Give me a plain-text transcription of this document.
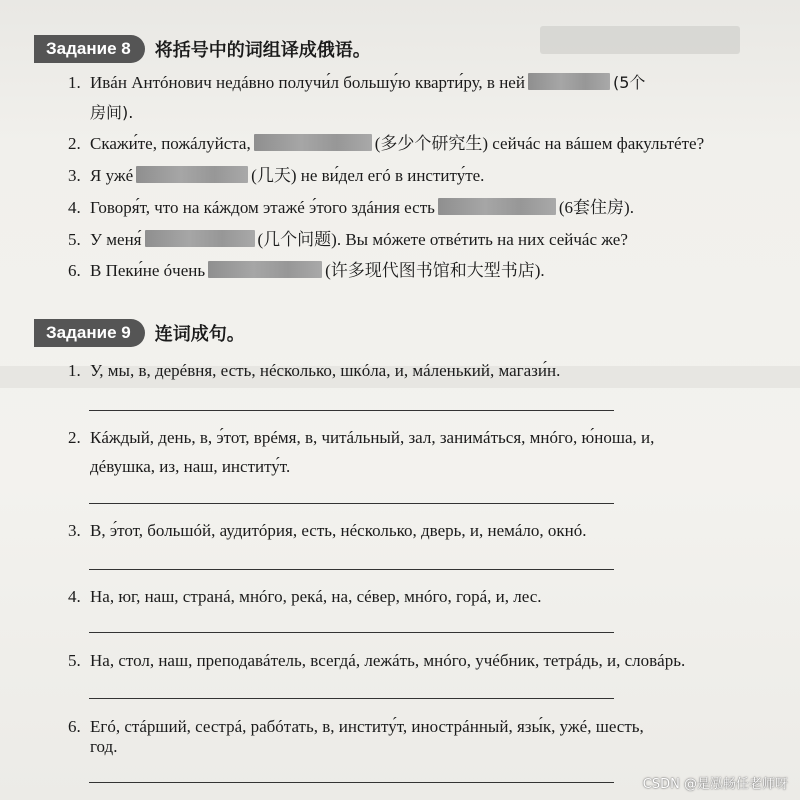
Задание 8	将括号中的词组译成俄语。
1. Ивáн Антóнович недáвно получи́л большу́ю кварти́ру, в ней	(5个
房间).
2. Скажи́те, пожáлуйста,	(多少个研究生) сейчáс на вáшем факультéте?
3. Я ужé	(几天) не ви́дел егó в институ́те.
4. Говоря́т, что на кáждом этажé э́того здáния есть	(6套住房).
5. У меня́	(几个问题). Вы мóжете отвéтить на них сейчáс же?
6. В Пеки́не óчень	(许多现代图书馆和大型书店).
Задание 9	连词成句。
1. У, мы, в, дерéвня, есть, нéсколько, шкóла, и, мáленький, магази́н.
2. Кáждый, день, в, э́тот, врéмя, в, читáльный, зал, занимáться, мнóго, ю́ноша, и,
дéвушка, из, наш, институ́т.
3. В, э́тот, большóй, аудитóрия, есть, нéсколько, дверь, и, немáло, oкнó.
4. На, юг, наш, странá, мнóго, рекá, на, сéвер, мнóго, горá, и, лес.
5. На, стол, наш, преподавáтель, всегдá, лежáть, мнóго, учéбник, тетрáдь, и, словáрь.
6. Егó, стáрший, сестрá, рабóтать, в, институ́т, инострáнный, язы́к, ужé, шесть,
год.
CSDN @是泓畅任老师呀
